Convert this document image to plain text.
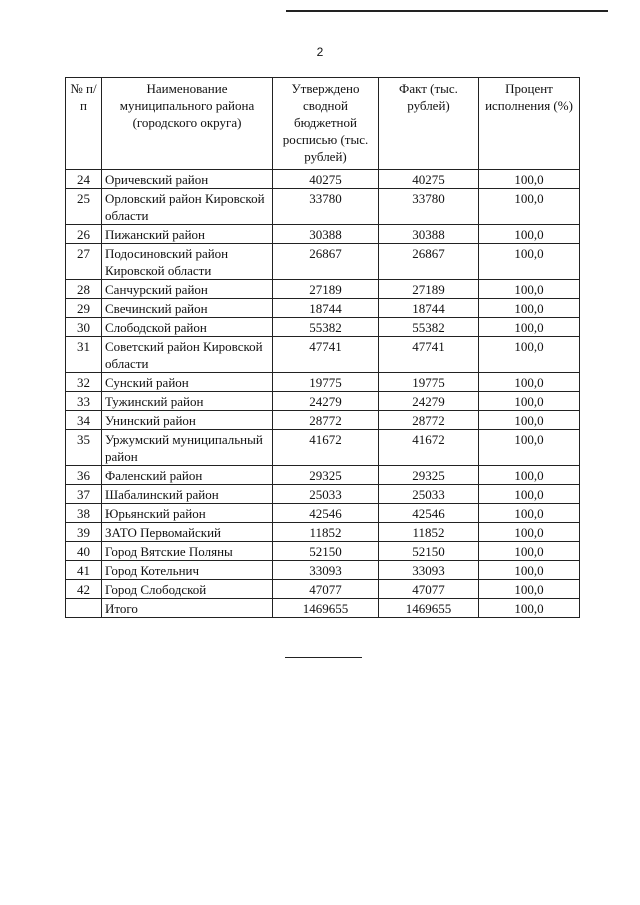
2
№ п/п	Наименование муниципального района (городского округа)	Утверждено сводной бюджетной росписью (тыс. рублей)	Факт (тыс. рублей)	Процент исполнения (%)
24	Оричевский район	40275	40275	100,0
25	Орловский район Кировской области	33780	33780	100,0
26	Пижанский район	30388	30388	100,0
27	Подосиновский район Кировской области	26867	26867	100,0
28	Санчурский район	27189	27189	100,0
29	Свечинский район	18744	18744	100,0
30	Слободской район	55382	55382	100,0
31	Советский район Кировской области	47741	47741	100,0
32	Сунский район	19775	19775	100,0
33	Тужинский район	24279	24279	100,0
34	Унинский район	28772	28772	100,0
35	Уржумский муниципальный район	41672	41672	100,0
36	Фаленский район	29325	29325	100,0
37	Шабалинский район	25033	25033	100,0
38	Юрьянский район	42546	42546	100,0
39	ЗАТО Первомайский	11852	11852	100,0
40	Город Вятские Поляны	52150	52150	100,0
41	Город Котельнич	33093	33093	100,0
42	Город Слободской	47077	47077	100,0
	Итого	1469655	1469655	100,0
